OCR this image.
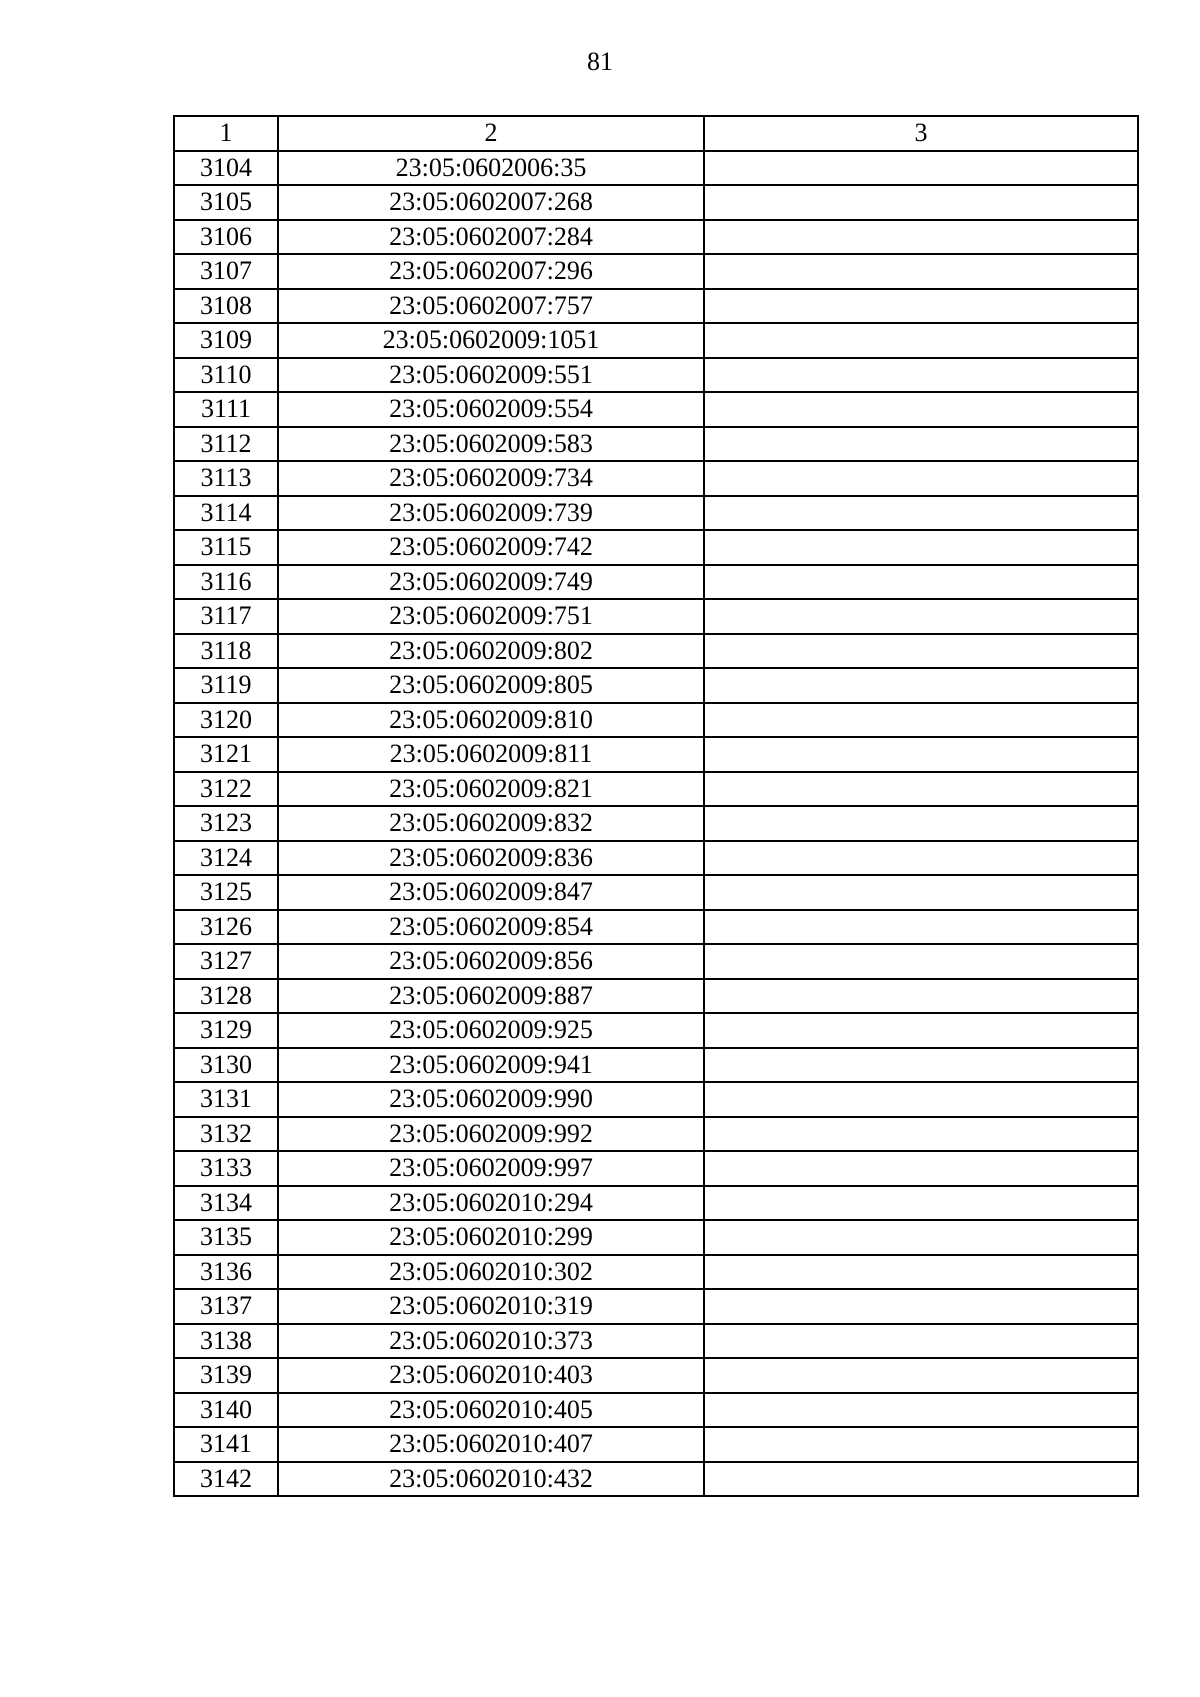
81
1	2	3
3104	23:05:0602006:35	
3105	23:05:0602007:268	
3106	23:05:0602007:284	
3107	23:05:0602007:296	
3108	23:05:0602007:757	
3109	23:05:0602009:1051	
3110	23:05:0602009:551	
3111	23:05:0602009:554	
3112	23:05:0602009:583	
3113	23:05:0602009:734	
3114	23:05:0602009:739	
3115	23:05:0602009:742	
3116	23:05:0602009:749	
3117	23:05:0602009:751	
3118	23:05:0602009:802	
3119	23:05:0602009:805	
3120	23:05:0602009:810	
3121	23:05:0602009:811	
3122	23:05:0602009:821	
3123	23:05:0602009:832	
3124	23:05:0602009:836	
3125	23:05:0602009:847	
3126	23:05:0602009:854	
3127	23:05:0602009:856	
3128	23:05:0602009:887	
3129	23:05:0602009:925	
3130	23:05:0602009:941	
3131	23:05:0602009:990	
3132	23:05:0602009:992	
3133	23:05:0602009:997	
3134	23:05:0602010:294	
3135	23:05:0602010:299	
3136	23:05:0602010:302	
3137	23:05:0602010:319	
3138	23:05:0602010:373	
3139	23:05:0602010:403	
3140	23:05:0602010:405	
3141	23:05:0602010:407	
3142	23:05:0602010:432	
